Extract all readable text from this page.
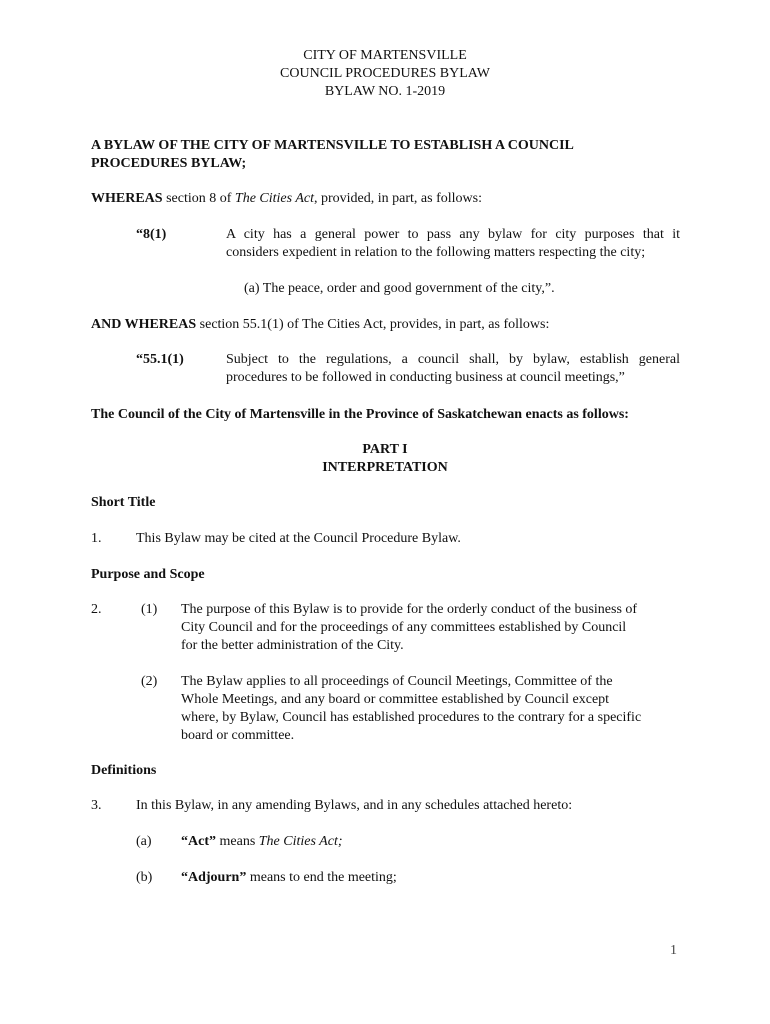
CITY OF MARTENSVILLE
COUNCIL PROCEDURES BYLAW
BYLAW NO. 1-2019
A BYLAW OF THE CITY OF MARTENSVILLE TO ESTABLISH A COUNCIL
PROCEDURES BYLAW;
WHEREAS section 8 of The Cities Act, provided, in part, as follows:
“8(1)	A city has a general power to pass any bylaw for city purposes that it
considers expedient in relation to the following matters respecting the city;
(a) The peace, order and good government of the city,”.
AND WHEREAS section 55.1(1) of The Cities Act, provides, in part, as follows:
“55.1(1)	Subject to the regulations, a council shall, by bylaw, establish general
procedures to be followed in conducting business at council meetings,”
The Council of the City of Martensville in the Province of Saskatchewan enacts as follows:
PART I
INTERPRETATION
Short Title
1. This Bylaw may be cited at the Council Procedure Bylaw.
Purpose and Scope
2.	(1) The purpose of this Bylaw is to provide for the orderly conduct of the business of
City Council and for the proceedings of any committees established by Council
for the better administration of the City.
(2) The Bylaw applies to all proceedings of Council Meetings, Committee of the
Whole Meetings, and any board or committee established by Council except
where, by Bylaw, Council has established procedures to the contrary for a specific
board or committee.
Definitions
3. In this Bylaw, in any amending Bylaws, and in any schedules attached hereto:
(a) “Act” means The Cities Act;
(b) “Adjourn” means to end the meeting;
1
